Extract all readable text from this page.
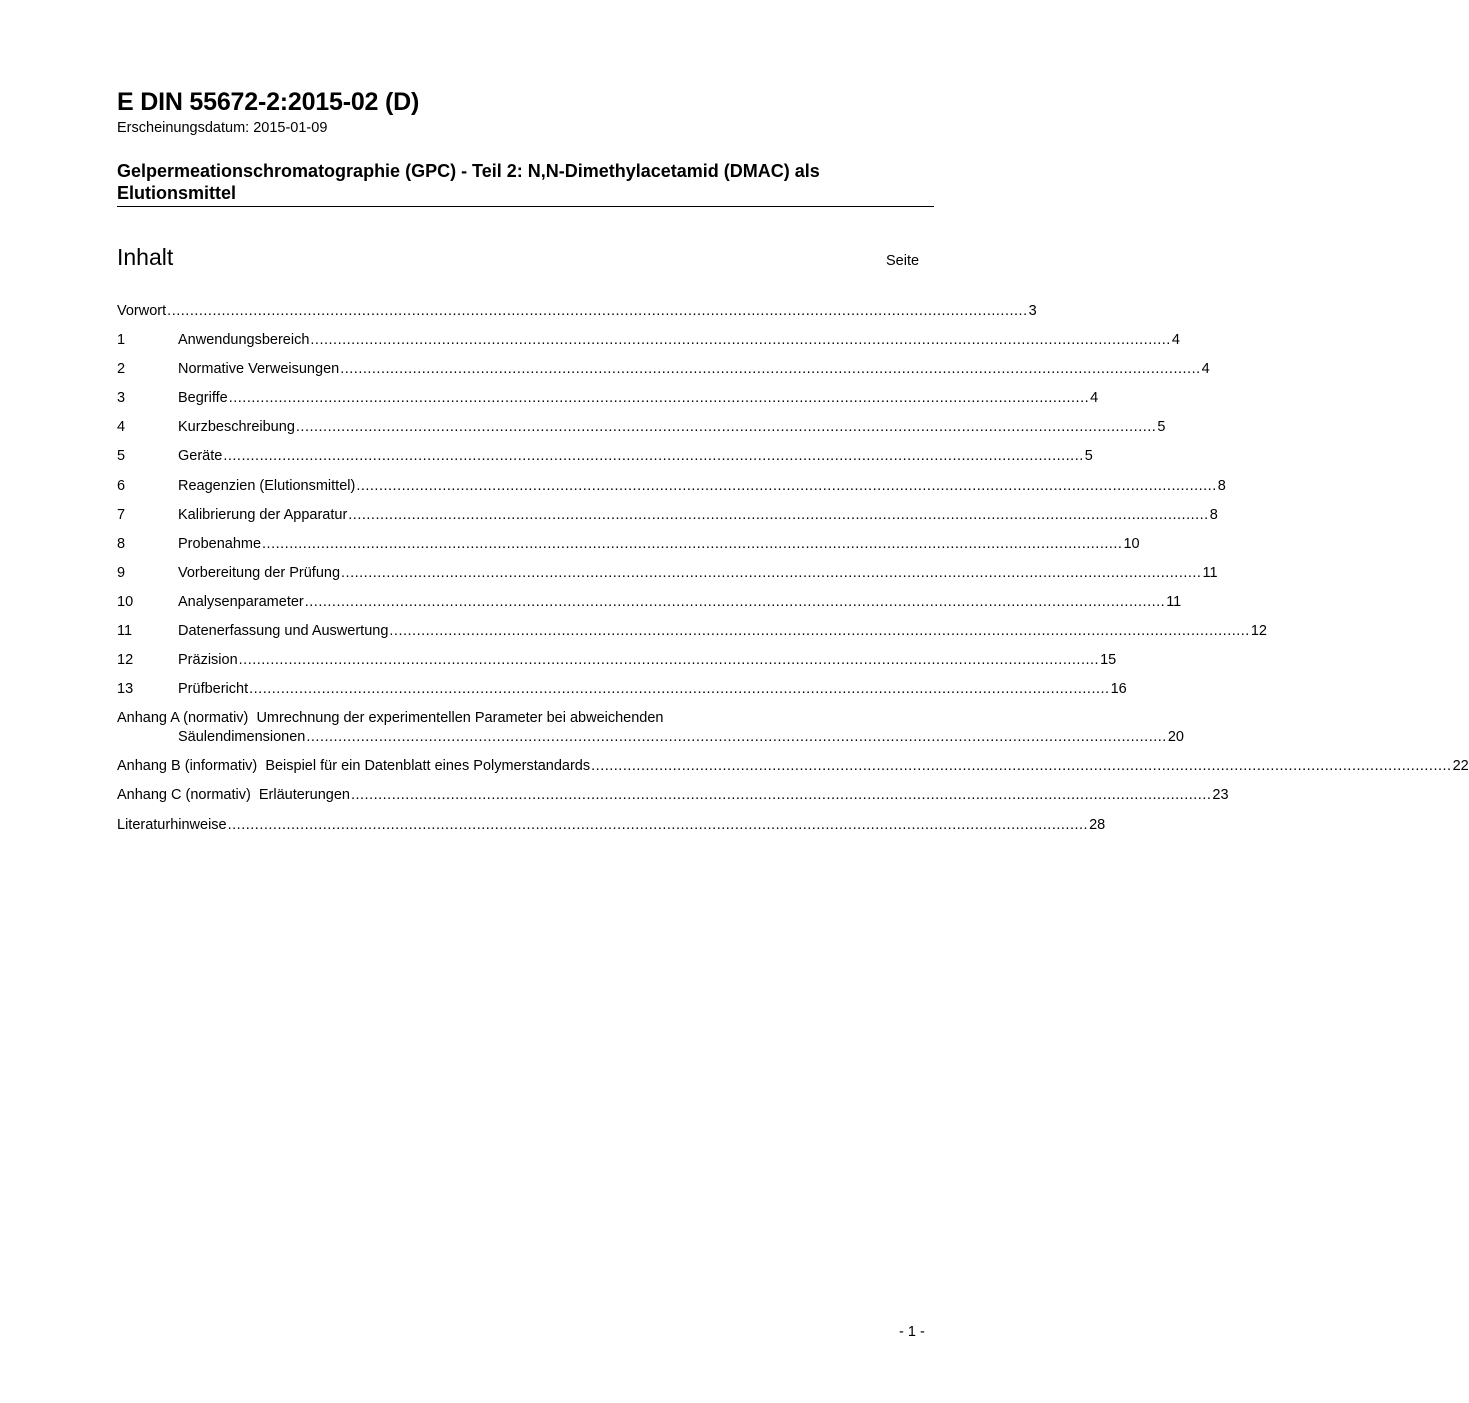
E DIN 55672-2:2015-02 (D)
Erscheinungsdatum: 2015-01-09
Gelpermeationschromatographie (GPC) - Teil 2: N,N-Dimethylacetamid (DMAC) als Elutionsmittel
Inhalt	Seite
Vorwort .............................................................................................................................................................................................. 3
1	Anwendungsbereich .............................................................................................................................................................................................. 4
2	Normative Verweisungen .............................................................................................................................................................................................. 4
3	Begriffe .............................................................................................................................................................................................. 4
4	Kurzbeschreibung .............................................................................................................................................................................................. 5
5	Geräte .............................................................................................................................................................................................. 5
6	Reagenzien (Elutionsmittel) .............................................................................................................................................................................................. 8
7	Kalibrierung der Apparatur .............................................................................................................................................................................................. 8
8	Probenahme .............................................................................................................................................................................................. 10
9	Vorbereitung der Prüfung .............................................................................................................................................................................................. 11
10	Analysenparameter .............................................................................................................................................................................................. 11
11	Datenerfassung und Auswertung .............................................................................................................................................................................................. 12
12	Präzision .............................................................................................................................................................................................. 15
13	Prüfbericht .............................................................................................................................................................................................. 16
Anhang A (normativ) Umrechnung der experimentellen Parameter bei abweichenden
Säulendimensionen .............................................................................................................................................................................................. 20
Anhang B (informativ) Beispiel für ein Datenblatt eines Polymerstandards .............................................................................................................................................................................................. 22
Anhang C (normativ) Erläuterungen .............................................................................................................................................................................................. 23
Literaturhinweise .............................................................................................................................................................................................. 28
- 1 -
